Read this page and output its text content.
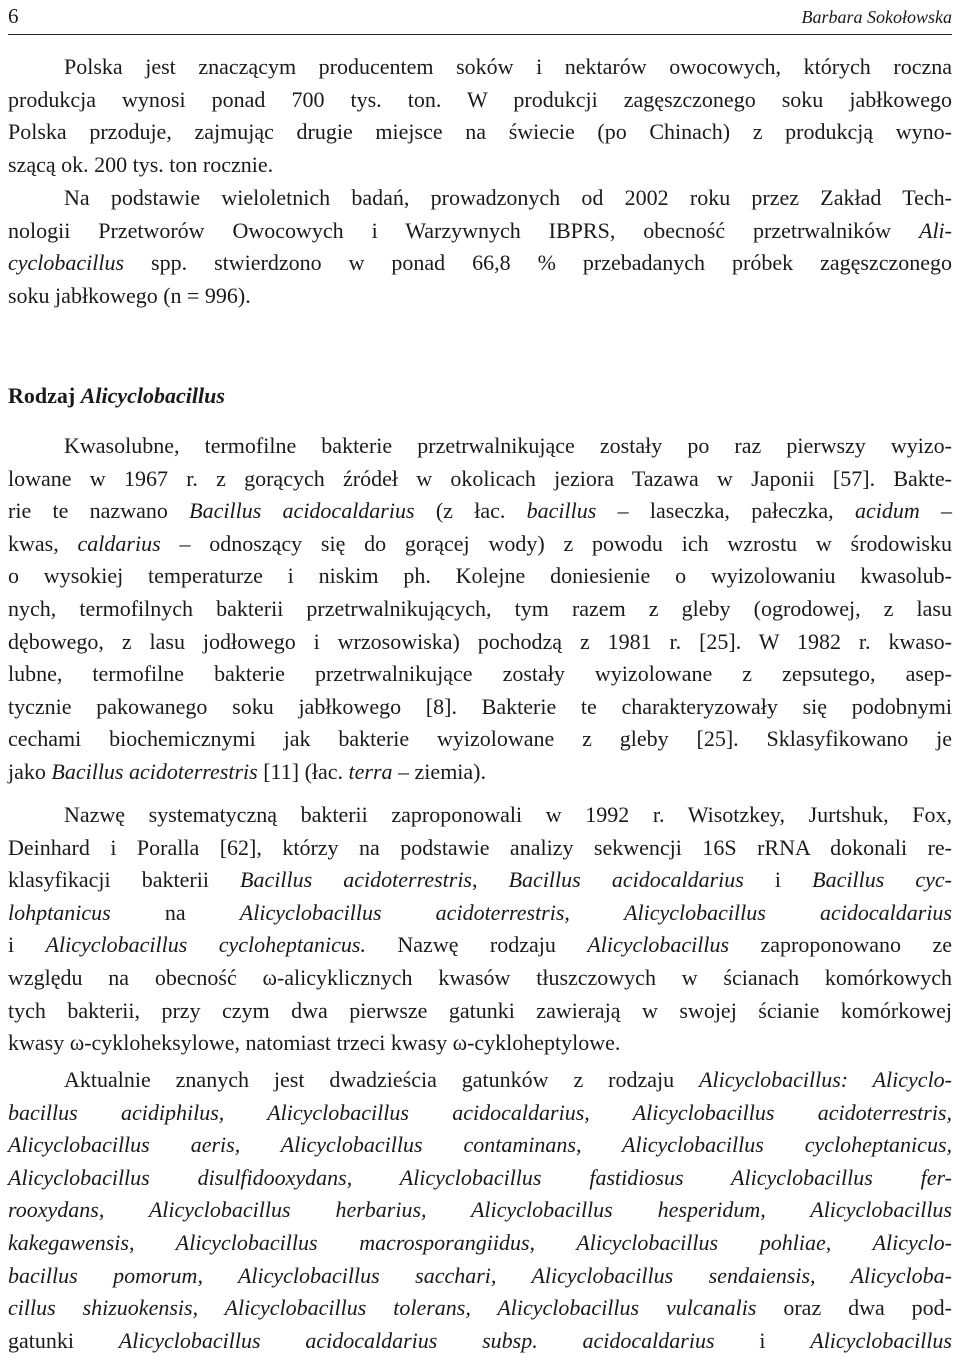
6	Barbara Sokołowska

Polska jest znaczącym producentem soków i nektarów owocowych, których roczna
produkcja wynosi ponad 700 tys. ton. W produkcji zagęszczonego soku jabłkowego
Polska przoduje, zajmując drugie miejsce na świecie (po Chinach) z produkcją wyno-
szącą ok. 200 tys. ton rocznie.

Na podstawie wieloletnich badań, prowadzonych od 2002 roku przez Zakład Tech-
nologii Przetworów Owocowych i Warzywnych IBPRS, obecność przetrwalników Ali-
cyclobacillus spp. stwierdzono w ponad 66,8 % przebadanych próbek zagęszczonego
soku jabłkowego (n = 996).

Rodzaj Alicyclobacillus

Kwasolubne, termofilne bakterie przetrwalnikujące zostały po raz pierwszy wyizo-
lowane w 1967 r. z gorących źródeł w okolicach jeziora Tazawa w Japonii [57]. Bakte-
rie te nazwano Bacillus acidocaldarius (z łac. bacillus – laseczka, pałeczka, acidum –
kwas, caldarius – odnoszący się do gorącej wody) z powodu ich wzrostu w środowisku
o wysokiej temperaturze i niskim ph. Kolejne doniesienie o wyizolowaniu kwasolub-
nych, termofilnych bakterii przetrwalnikujących, tym razem z gleby (ogrodowej, z lasu
dębowego, z lasu jodłowego i wrzosowiska) pochodzą z 1981 r. [25]. W 1982 r. kwaso-
lubne, termofilne bakterie przetrwalnikujące zostały wyizolowane z zepsutego, asep-
tycznie pakowanego soku jabłkowego [8]. Bakterie te charakteryzowały się podobnymi
cechami biochemicznymi jak bakterie wyizolowane z gleby [25]. Sklasyfikowano je
jako Bacillus acidoterrestris [11] (łac. terra – ziemia).

Nazwę systematyczną bakterii zaproponowali w 1992 r. Wisotzkey, Jurtshuk, Fox,
Deinhard i Poralla [62], którzy na podstawie analizy sekwencji 16S rRNA dokonali re-
klasyfikacji bakterii Bacillus acidoterrestris, Bacillus acidocaldarius i Bacillus cyc-
lohptanicus na Alicyclobacillus acidoterrestris, Alicyclobacillus acidocaldarius
i Alicyclobacillus cycloheptanicus. Nazwę rodzaju Alicyclobacillus zaproponowano ze
względu na obecność ω-alicyklicznych kwasów tłuszczowych w ścianach komórkowych
tych bakterii, przy czym dwa pierwsze gatunki zawierają w swojej ścianie komórkowej
kwasy ω-cykloheksylowe, natomiast trzeci kwasy ω-cykloheptylowe.

Aktualnie znanych jest dwadzieścia gatunków z rodzaju Alicyclobacillus: Alicyclo-
bacillus acidiphilus, Alicyclobacillus acidocaldarius, Alicyclobacillus acidoterrestris,
Alicyclobacillus aeris, Alicyclobacillus contaminans, Alicyclobacillus cycloheptanicus,
Alicyclobacillus disulfidooxydans, Alicyclobacillus fastidiosus Alicyclobacillus fer-
rooxydans, Alicyclobacillus herbarius, Alicyclobacillus hesperidum, Alicyclobacillus
kakegawensis, Alicyclobacillus macrosporangiidus, Alicyclobacillus pohliae, Alicyclo-
bacillus pomorum, Alicyclobacillus sacchari, Alicyclobacillus sendaiensis, Alicycloba-
cillus shizuokensis, Alicyclobacillus tolerans, Alicyclobacillus vulcanalis oraz dwa pod-
gatunki Alicyclobacillus acidocaldarius subsp. acidocaldarius i Alicyclobacillus
